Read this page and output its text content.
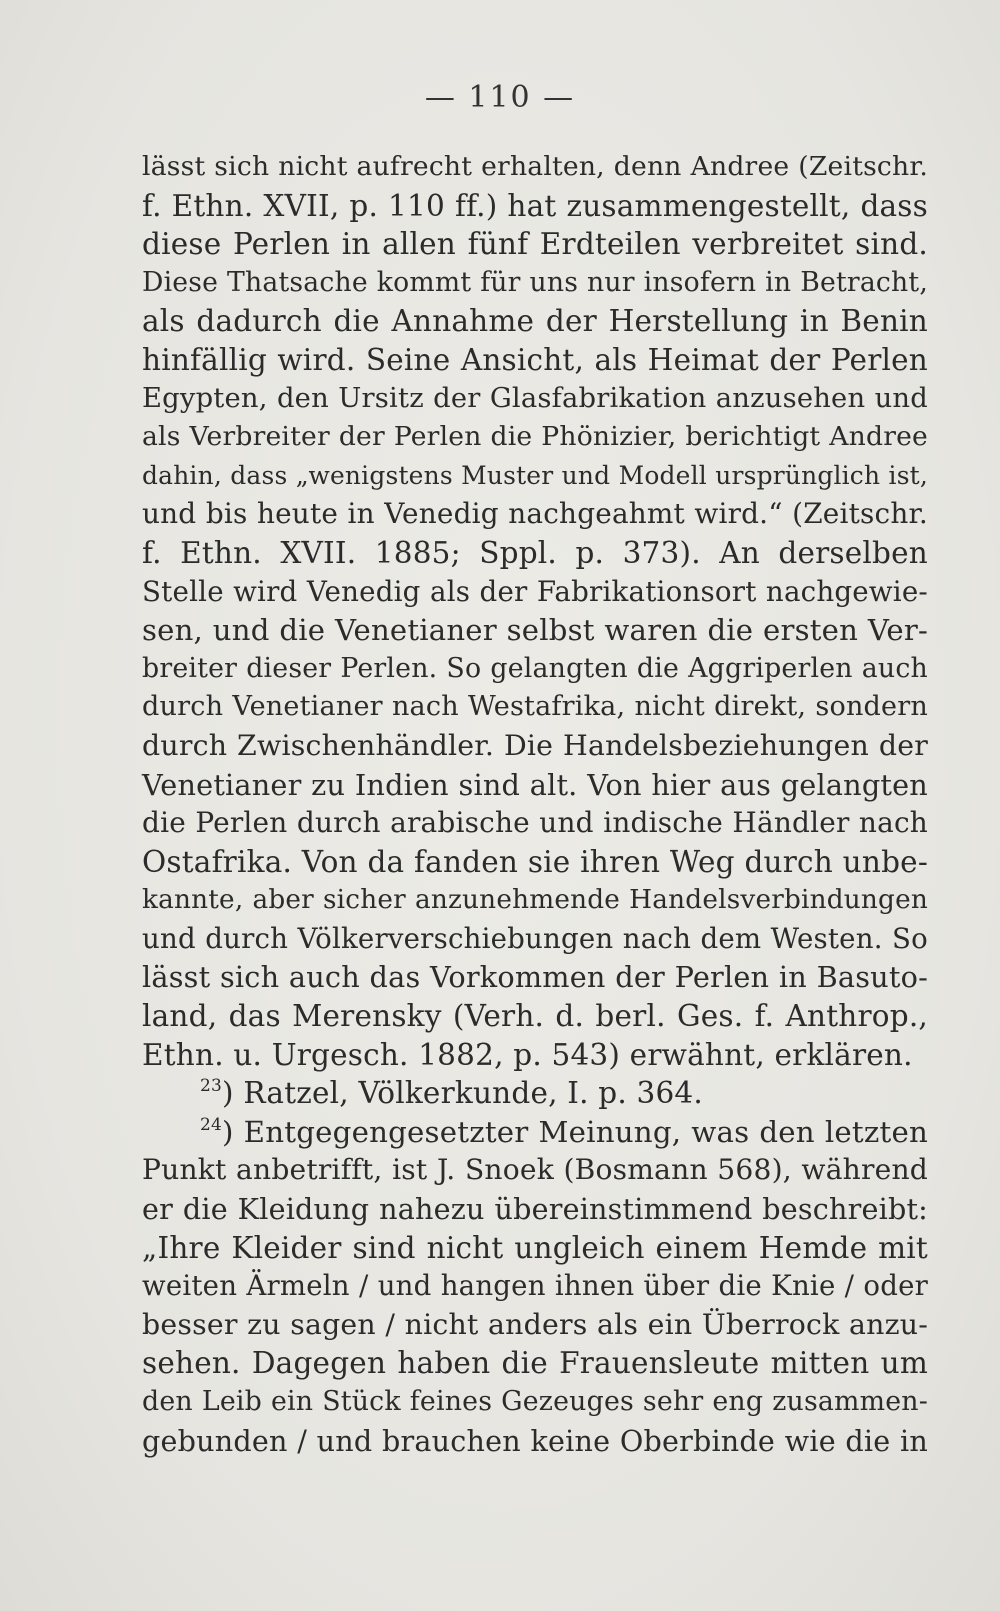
— 110 —
lässt sich nicht aufrecht erhalten, denn Andree (Zeitschr.
f. Ethn. XVII, p. 110 ff.) hat zusammengestellt, dass
diese Perlen in allen fünf Erdteilen verbreitet sind.
Diese Thatsache kommt für uns nur insofern in Betracht,
als dadurch die Annahme der Herstellung in Benin
hinfällig wird. Seine Ansicht, als Heimat der Perlen
Egypten, den Ursitz der Glasfabrikation anzusehen und
als Verbreiter der Perlen die Phönizier, berichtigt Andree
dahin, dass „wenigstens Muster und Modell ursprünglich ist,
und bis heute in Venedig nachgeahmt wird.“ (Zeitschr.
f. Ethn. XVII. 1885; Sppl. p. 373). An derselben
Stelle wird Venedig als der Fabrikationsort nachgewie-
sen, und die Venetianer selbst waren die ersten Ver-
breiter dieser Perlen. So gelangten die Aggriperlen auch
durch Venetianer nach Westafrika, nicht direkt, sondern
durch Zwischenhändler. Die Handelsbeziehungen der
Venetianer zu Indien sind alt. Von hier aus gelangten
die Perlen durch arabische und indische Händler nach
Ostafrika. Von da fanden sie ihren Weg durch unbe-
kannte, aber sicher anzunehmende Handelsverbindungen
und durch Völkerverschiebungen nach dem Westen. So
lässt sich auch das Vorkommen der Perlen in Basuto-
land, das Merensky (Verh. d. berl. Ges. f. Anthrop.,
Ethn. u. Urgesch. 1882, p. 543) erwähnt, erklären.
$^{23}$) Ratzel, Völkerkunde, I. p. 364.
$^{24}$) Entgegengesetzter Meinung, was den letzten
Punkt anbetrifft, ist J. Snoek (Bosmann 568), während
er die Kleidung nahezu übereinstimmend beschreibt:
„Ihre Kleider sind nicht ungleich einem Hemde mit
weiten Ärmeln / und hangen ihnen über die Knie / oder
besser zu sagen / nicht anders als ein Überrock anzu-
sehen. Dagegen haben die Frauensleute mitten um
den Leib ein Stück feines Gezeuges sehr eng zusammen-
gebunden / und brauchen keine Oberbinde wie die in
